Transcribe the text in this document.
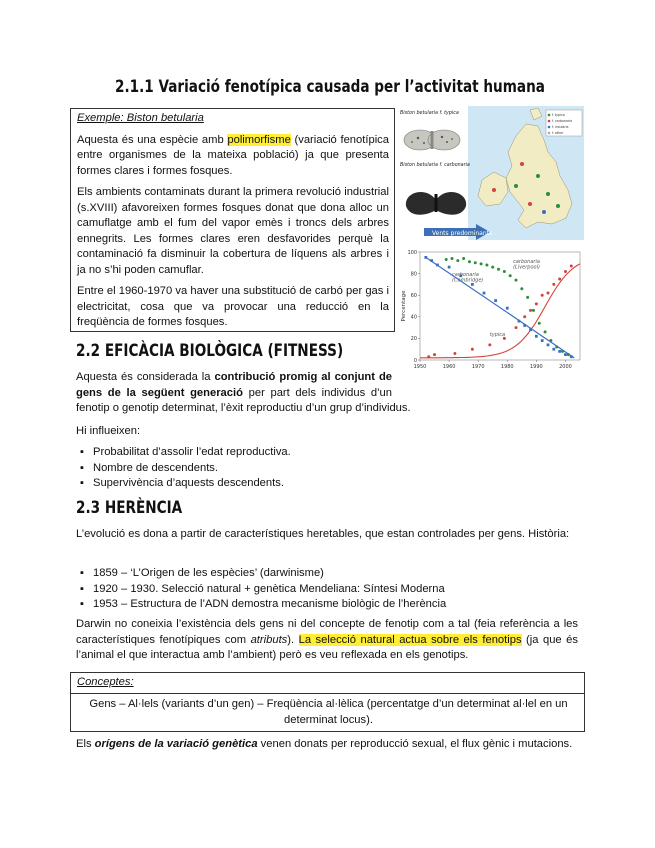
2.1.1 Variació fenotípica causada per l’activitat humana

Exemple: Biston betularia

Aquesta és una espècie amb polimorfisme (variació fenotípica entre organismes de la mateixa població) ja que presenta formes clares i formes fosques.

Els ambients contaminats durant la primera revolució industrial (s.XVIII) afavoreixen formes fosques donat que dona alloc un camuflatge amb el fum del vapor emès i troncs dels arbres ennegrits. Les formes clares eren desfavorides perquè la contaminació fa disminuir la cobertura de líquens als arbres i ja no s’hi poden camuflar.

Entre el 1960-1970 va haver una substitució de carbó per gas i electricitat, cosa que va provocar una reducció en la freqüència de formes fosques.

f. typica
f. carbonaria
f. insularia
f. other
Vents predominants
Biston betularia f. typica
Biston betularia f. carbonaria
1950	1960	1970	1980	1990	2000
0
20
40
60
80
100
Percentage
carbonaria (Liverpool)
carbonaria (Cambridge)
typica
2.2 EFICÀCIA BIOLÒGICA (FITNESS)
Aquesta és considerada la contribució promig al conjunt de gens de la següent generació per part dels individus d’un fenotip o genotip determinat, l’èxit reproductiu d’un grup d’individus.

Hi influeixen:

▪ Probabilitat d’assolir l’edat reproductiva.
▪ Nombre de descendents.
▪ Supervivència d’aquests descendents.
2.3 HERÈNCIA

L’evolució es dona a partir de característiques heretables, que estan controlades per gens. Història:

▪ 1859 – ‘L’Origen de les espècies’ (darwinisme)
▪ 1920 – 1930. Selecció natural + genètica Mendeliana: Síntesi Moderna
▪ 1953 – Estructura de l’ADN demostra mecanisme biològic de l’herència

Darwin no coneixia l’existència dels gens ni del concepte de fenotip com a tal (feia referència a les característiques fenotípiques com atributs). La selecció natural actua sobre els fenotips (ja que és l’animal el que interactua amb l’ambient) però es veu reflexada en els genotips.

Conceptes:

Gens – Al·lels (variants d’un gen) – Freqüència al·lèlica (percentatge d’un determinat al·lel en un determinat locus).

Els orígens de la variació genètica venen donats per reproducció sexual, el flux gènic i mutacions.
